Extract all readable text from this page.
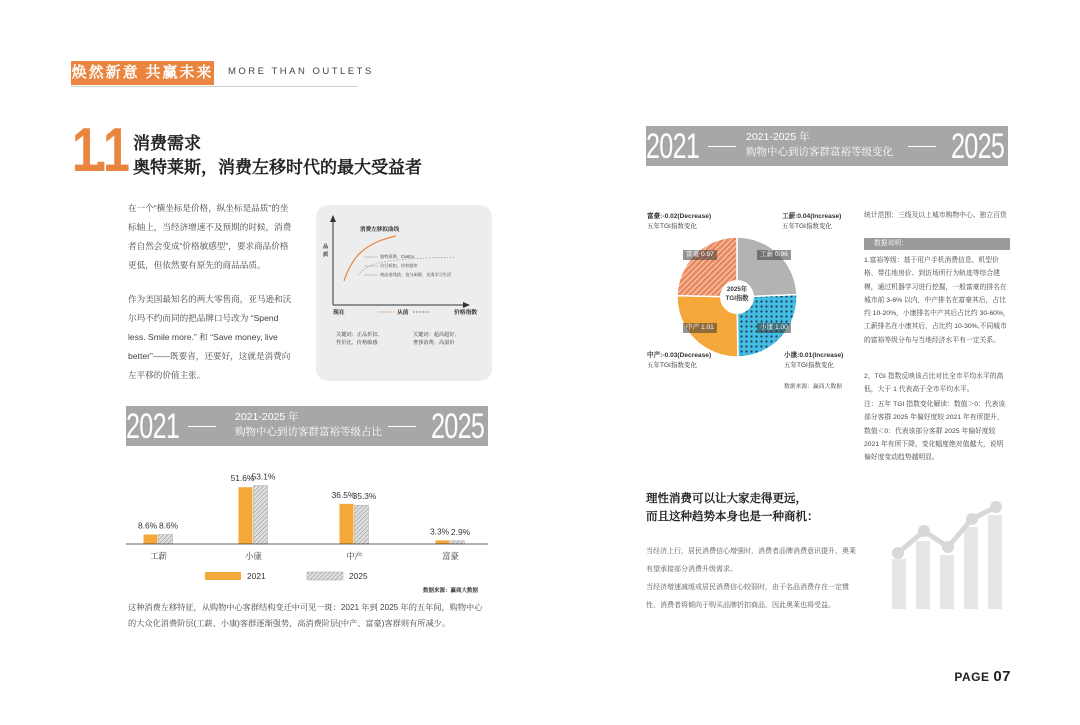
焕然新意 共赢未来 MORE THAN OUTLETS
1.1 消费需求
奥特莱斯，消费左移时代的最大受益者
在一个“横坐标是价格，纵坐标是品质”的坐标轴上，当经济增速不及预期的时候，消费者自然会变成“价格敏感型”，要求商品价格更低，但依然要有原先的商品品质。
作为美国最知名的两大零售商，亚马逊和沃尔玛不约而同的把品牌口号改为 “Spend less. Smile more.” 和 “Save money, live better”——既要省，还要好，这就是消费向左平移的价值主张。
品质
消费左移拟曲线
奥特莱斯、Costco
自行折扣、经营超市
商品金钱淡、直与闲联、光清学习生活
现在	从前	价格指数
关键词：正品折扣、
性价比、价格敏感
关键词：超高超好、
奢侈消费、高溢价
2021	2021-2025 年
购物中心到访客群富裕等级占比 2025
8.6% 8.6%
51.6%
53.1%
36.5%
35.3%
3.3% 2.9%
工薪	小康	中产	富豪
2021	2025
数据来源：赢商大数据
这种消费左移特征，从购物中心客群结构变迁中可见一斑：2021 年到 2025 年的五年间，购物中心的大众化消费阶层(工薪、小康)客群逐渐强势，高消费阶层(中产、富豪)客群则有所减少。
2021	2021-2025 年
购物中心到访客群富裕等级变化 2025
2025年
TGI指数
富豪 0.97	工薪 0.96
小康 1.00
中产 1.01
富豪:-0.02(Decrease)
五年TGI指数变化
工薪:0.04(Increase)
五年TGI指数变化
中产:-0.03(Decrease)
五年TGI指数变化
小康:0.01(Increase)
五年TGI指数变化
数据来源：赢商大数据
统计范围：三线及以上城市购物中心、独立百货
数据说明：
1.富裕等级：基于用户手机消费信息、机型价格、带往地房价、到访场所行为轨迹等综合建模，通过机器学习进行挖掘，一般富豪的排名在城市前 3-6% 以内，中产排名在富豪其后，占比约 10-20%，小康排名中产其后占比约 30-60%，工薪排名在小康其后，占比约 10-30%,不同城市的富裕等级分布与当地经济水平有一定关系。
2、TGI 指数反映该占比对比全市平均水平的高低，大于 1 代表高于全市平均水平。
注：五年 TGI 指数变化解读：数值＞0：代表该部分客群 2025 年偏好度较 2021 年有所提升，数值＜0：代表该部分客群 2025 年偏好度较 2021 年有所下降，变化幅度绝对值越大，说明偏好度变动趋势越明显。
理性消费可以让大家走得更远，
而且这种趋势本身也是一种商机：
当经济上行，居民消费信心增强时，消费者品牌消费意识提升，奥莱有望承接部分消费升级需求。
当经济增速减缓或居民消费信心较弱时，由于名品消费存在一定惯性，消费者将倾向于购买品牌折扣商品，因此奥莱也将受益。
PAGE 07
